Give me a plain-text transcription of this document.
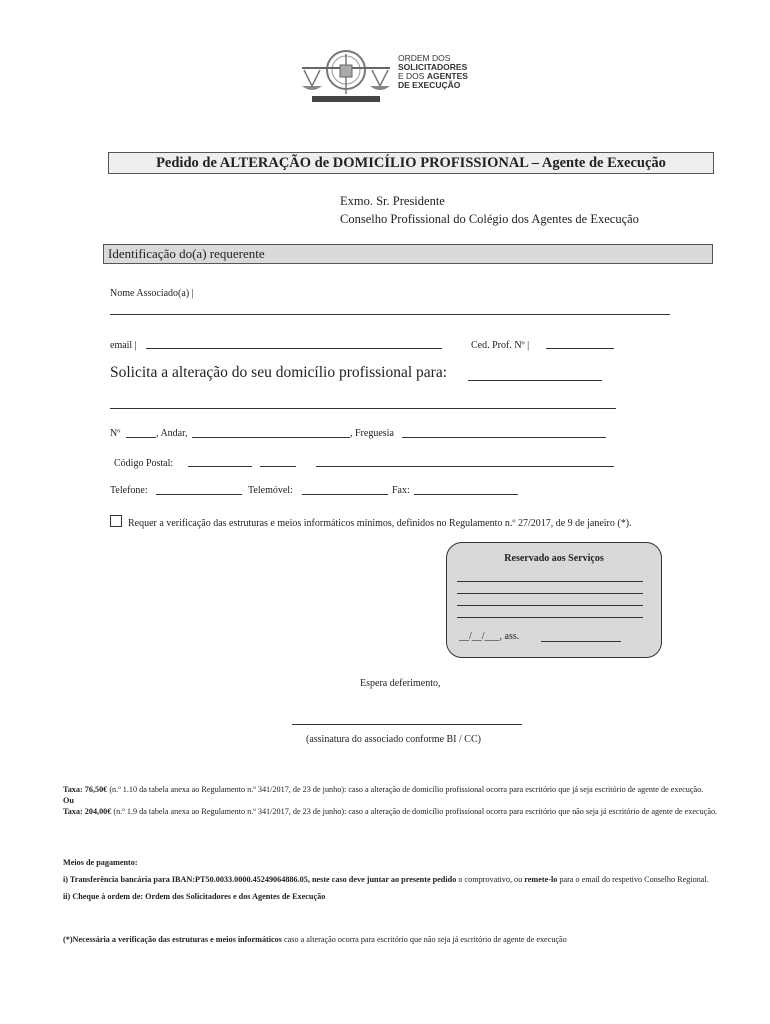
ORDEM DOS
SOLICITADORES
E DOS AGENTES
DE EXECUÇÃO
Pedido de ALTERAÇÃO de DOMICÍLIO PROFISSIONAL – Agente de Execução
Exmo. Sr. Presidente
Conselho Profissional do Colégio dos Agentes de Execução
Identificação do(a) requerente
Nome Associado(a) |
email |	Ced. Prof. Nº |
Solicita a alteração do seu domicílio profissional para:
Nº	, Andar,	, Freguesia
Código Postal:
Telefone:	Telemóvel:	Fax:
Requer a verificação das estruturas e meios informáticos mínimos, definidos no Regulamento n.º 27/2017, de 9 de janeiro (*).
Reservado aos Serviços
__/__/___, ass.
Espera deferimento,
(assinatura do associado conforme BI / CC)
Taxa: 76,50€ (n.º 1.10 da tabela anexa ao Regulamento n.º 341/2017, de 23 de junho): caso a alteração de domicílio profissional ocorra para escritório que já seja escritório de agente de execução.
Ou
Taxa: 204,00€ (n.º 1.9 da tabela anexa ao Regulamento n.º 341/2017, de 23 de junho): caso a alteração de domicílio profissional ocorra para escritório que não seja já escritório de agente de execução.
Meios de pagamento:
i) Transferência bancária para IBAN:PT50.0033.0000.45249064886.05, neste caso deve juntar ao presente pedido o comprovativo, ou remete-lo para o email do respetivo Conselho Regional.
ii) Cheque à ordem de: Ordem dos Solicitadores e dos Agentes de Execução
(*)Necessária a verificação das estruturas e meios informáticos caso a alteração ocorra para escritório que não seja já escritório de agente de execução
